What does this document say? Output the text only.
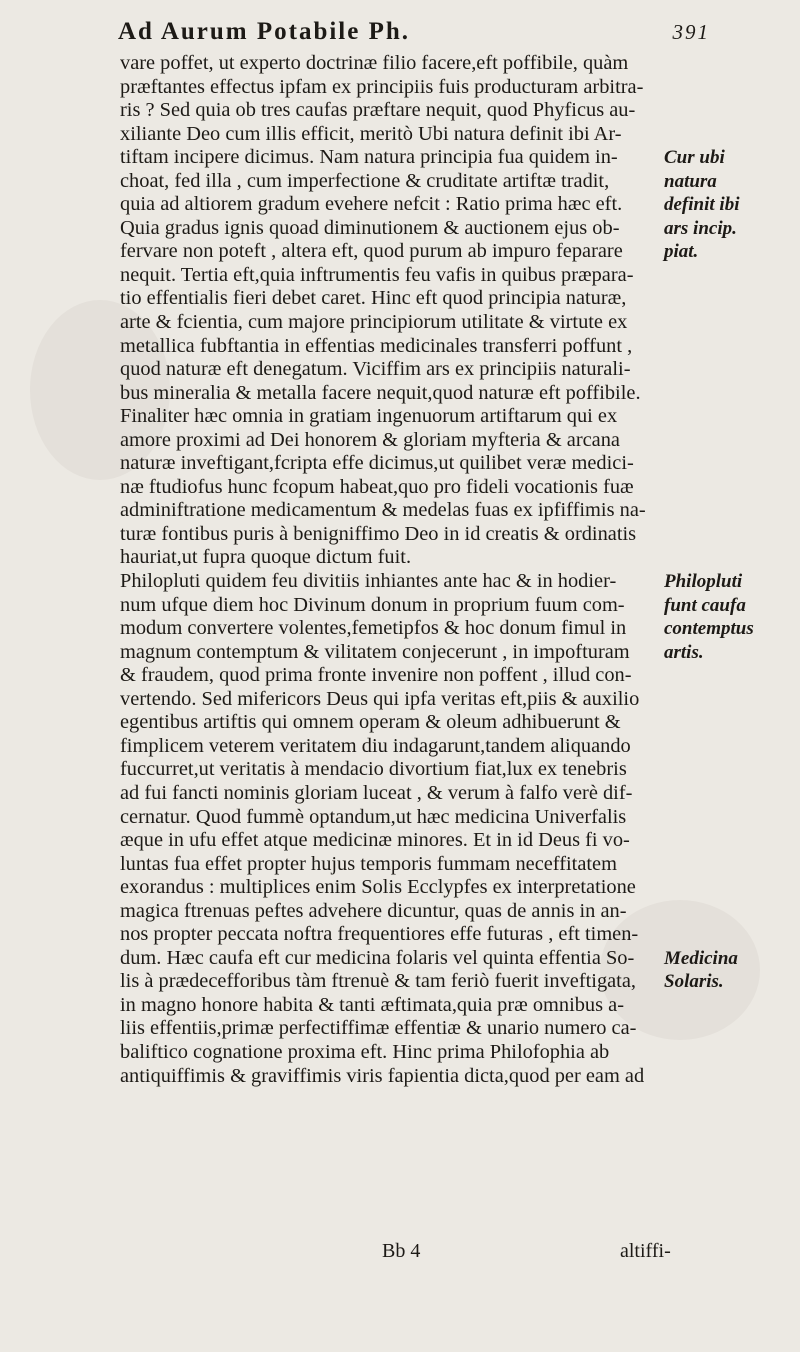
Ad Aurum Potabile Ph.	391
vare poffet, ut experto doctrinæ filio facere,eft poffibile, quàm
præftantes effectus ipfam ex principiis fuis producturam arbitra-
ris ? Sed quia ob tres caufas præftare nequit, quod Phyficus au-
xiliante Deo cum illis efficit, meritò Ubi natura definit ibi Ar-
tiftam incipere dicimus. Nam natura principia fua quidem in-
choat, fed illa , cum imperfectione & cruditate artiftæ tradit,
quia ad altiorem gradum evehere nefcit : Ratio prima hæc eft.
Quia gradus ignis quoad diminutionem & auctionem ejus ob-
fervare non poteft , altera eft, quod purum ab impuro feparare
nequit. Tertia eft,quia inftrumentis feu vafis in quibus præpara-
tio effentialis fieri debet caret. Hinc eft quod principia naturæ,
arte & fcientia, cum majore principiorum utilitate & virtute ex
metallica fubftantia in effentias medicinales transferri poffunt ,
quod naturæ eft denegatum. Viciffim ars ex principiis naturali-
bus mineralia & metalla facere nequit,quod naturæ eft poffibile.
Finaliter hæc omnia in gratiam ingenuorum artiftarum qui ex
amore proximi ad Dei honorem & gloriam myfteria & arcana
naturæ inveftigant,fcripta effe dicimus,ut quilibet veræ medici-
næ ftudiofus hunc fcopum habeat,quo pro fideli vocationis fuæ
adminiftratione medicamentum & medelas fuas ex ipfiffimis na-
turæ fontibus puris à benigniffimo Deo in id creatis & ordinatis
hauriat,ut fupra quoque dictum fuit.
Philopluti quidem feu divitiis inhiantes ante hac & in hodier-
num ufque diem hoc Divinum donum in proprium fuum com-
modum convertere volentes,femetipfos & hoc donum fimul in
magnum contemptum & vilitatem conjecerunt , in impofturam
& fraudem, quod prima fronte invenire non poffent , illud con-
vertendo. Sed mifericors Deus qui ipfa veritas eft,piis & auxilio
egentibus artiftis qui omnem operam & oleum adhibuerunt &
fimplicem veterem veritatem diu indagarunt,tandem aliquando
fuccurret,ut veritatis à mendacio divortium fiat,lux ex tenebris
ad fui fancti nominis gloriam luceat , & verum à falfo verè dif-
cernatur. Quod fummè optandum,ut hæc medicina Univerfalis
æque in ufu effet atque medicinæ minores. Et in id Deus fi vo-
luntas fua effet propter hujus temporis fummam neceffitatem
exorandus : multiplices enim Solis Ecclypfes ex interpretatione
magica ftrenuas peftes advehere dicuntur, quas de annis in an-
nos propter peccata noftra frequentiores effe futuras , eft timen-
dum. Hæc caufa eft cur medicina folaris vel quinta effentia So-
lis à prædecefforibus tàm ftrenuè & tam feriò fuerit inveftigata,
in magno honore habita & tanti æftimata,quia præ omnibus a-
liis effentiis,primæ perfectiffimæ effentiæ & unario numero ca-
baliftico cognatione proxima eft. Hinc prima Philofophia ab
antiquiffimis & graviffimis viris fapientia dicta,quod per eam ad
Cur ubi
natura
definit ibi
ars incip.
piat.
Philopluti
funt caufa
contemptus
artis.
Medicina
Solaris.
Bb 4	altiffi-
